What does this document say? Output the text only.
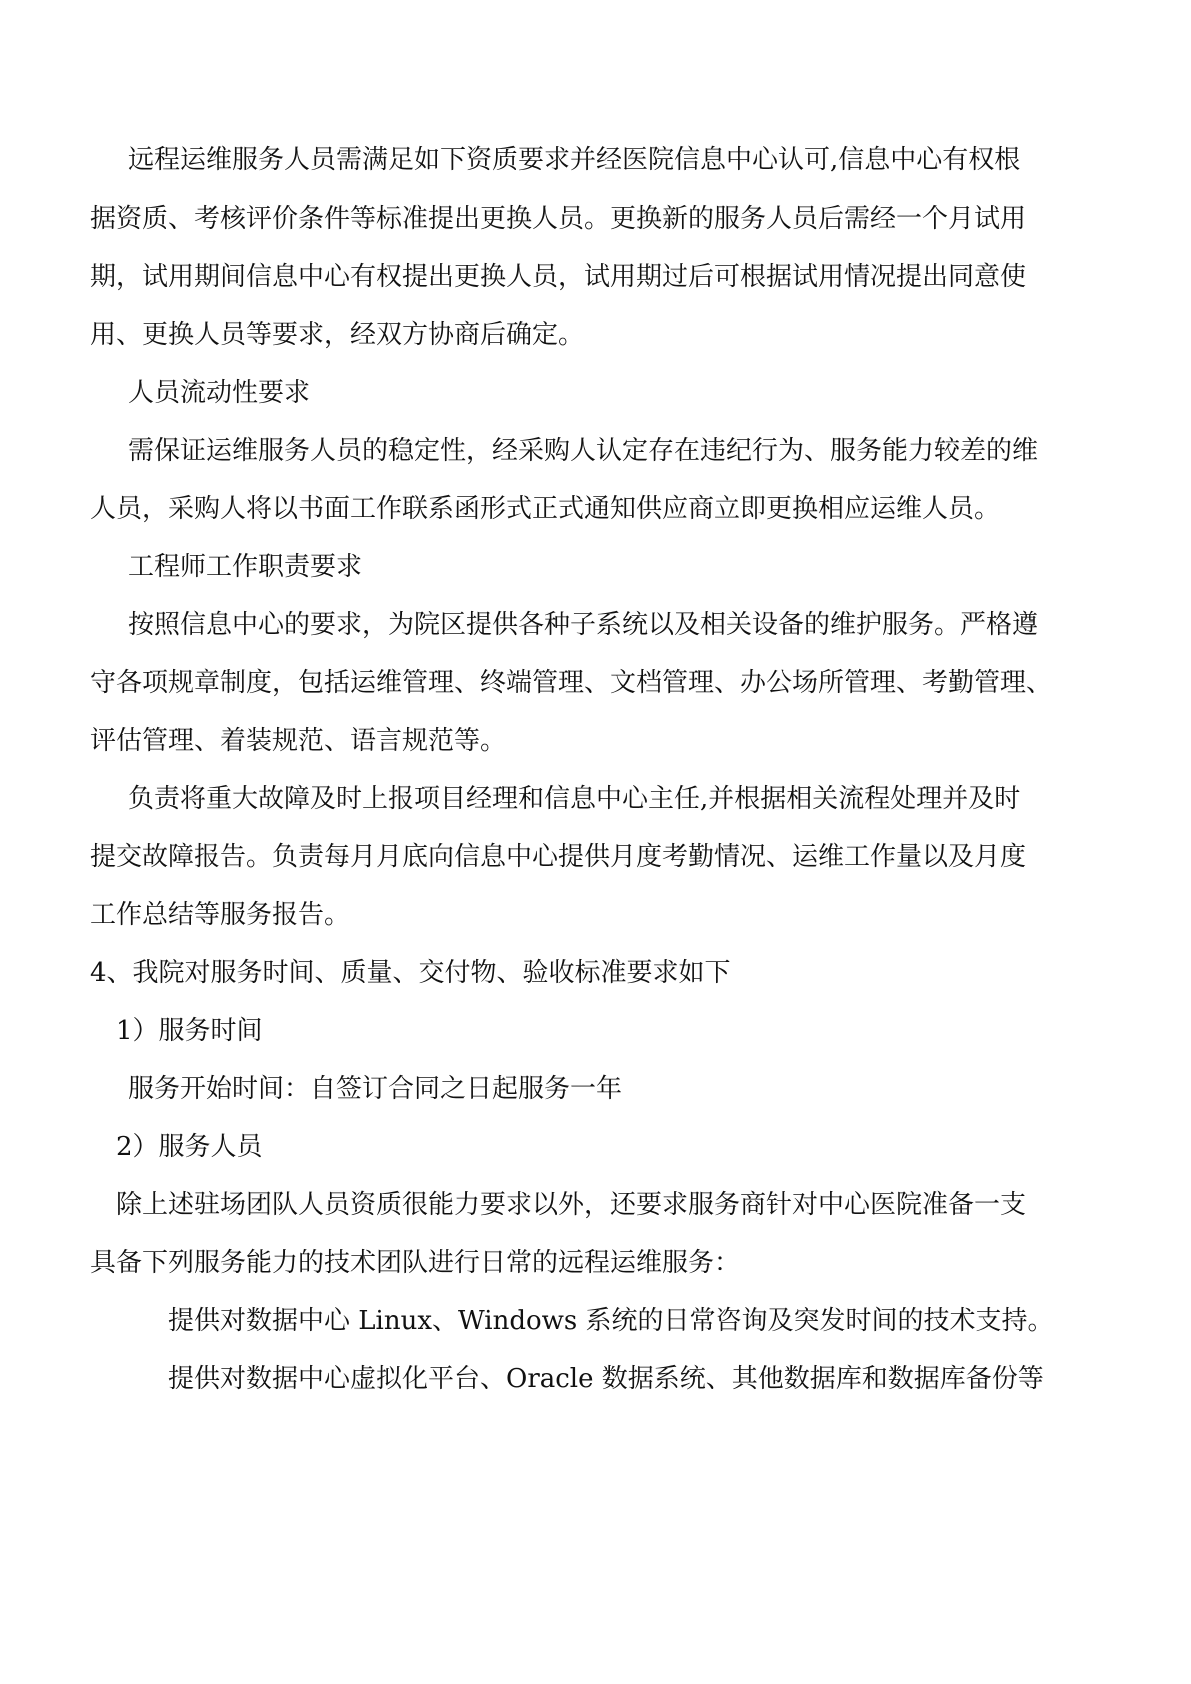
远程运维服务人员需满足如下资质要求并经医院信息中心认可,信息中心有权根
据资质、考核评价条件等标准提出更换人员。更换新的服务人员后需经一个月试用
期，试用期间信息中心有权提出更换人员，试用期过后可根据试用情况提出同意使
用、更换人员等要求，经双方协商后确定。
人员流动性要求
需保证运维服务人员的稳定性，经采购人认定存在违纪行为、服务能力较差的维
人员，采购人将以书面工作联系函形式正式通知供应商立即更换相应运维人员。
工程师工作职责要求
按照信息中心的要求，为院区提供各种子系统以及相关设备的维护服务。严格遵
守各项规章制度，包括运维管理、终端管理、文档管理、办公场所管理、考勤管理、
评估管理、着装规范、语言规范等。
负责将重大故障及时上报项目经理和信息中心主任,并根据相关流程处理并及时
提交故障报告。负责每月月底向信息中心提供月度考勤情况、运维工作量以及月度
工作总结等服务报告。
4、我院对服务时间、质量、交付物、验收标准要求如下
1）服务时间
服务开始时间：自签订合同之日起服务一年
2）服务人员
除上述驻场团队人员资质很能力要求以外，还要求服务商针对中心医院准备一支
具备下列服务能力的技术团队进行日常的远程运维服务：
提供对数据中心 Linux、Windows 系统的日常咨询及突发时间的技术支持。
提供对数据中心虚拟化平台、Oracle 数据系统、其他数据库和数据库备份等
